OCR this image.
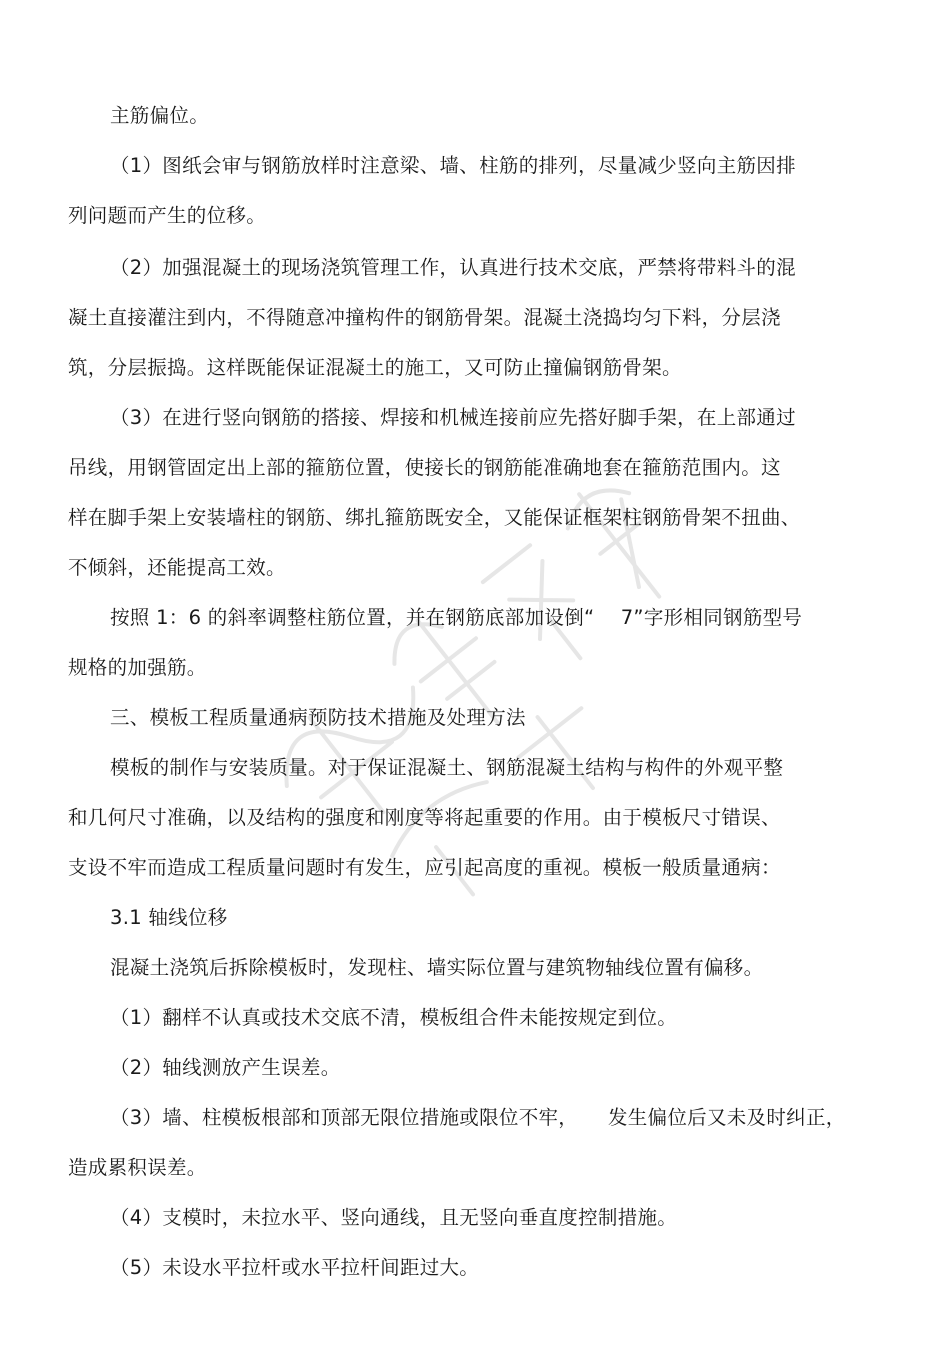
主筋偏位。
（1）图纸会审与钢筋放样时注意梁、墙、柱筋的排列，尽量减少竖向主筋因排
列问题而产生的位移。
（2）加强混凝土的现场浇筑管理工作，认真进行技术交底，严禁将带料斗的混
凝土直接灌注到内，不得随意冲撞构件的钢筋骨架。混凝土浇捣均匀下料，分层浇
筑，分层振捣。这样既能保证混凝土的施工，又可防止撞偏钢筋骨架。
（3）在进行竖向钢筋的搭接、焊接和机械连接前应先搭好脚手架，在上部通过
吊线，用钢管固定出上部的箍筋位置，使接长的钢筋能准确地套在箍筋范围内。这
样在脚手架上安装墙柱的钢筋、绑扎箍筋既安全，又能保证框架柱钢筋骨架不扭曲、
不倾斜，还能提高工效。
按照 1：6 的斜率调整柱筋位置，并在钢筋底部加设倒“　 7”字形相同钢筋型号
规格的加强筋。
三、模板工程质量通病预防技术措施及处理方法
模板的制作与安装质量。对于保证混凝土、钢筋混凝土结构与构件的外观平整
和几何尺寸准确，以及结构的强度和刚度等将起重要的作用。由于模板尺寸错误、
支设不牢而造成工程质量问题时有发生，应引起高度的重视。模板一般质量通病：
3.1 轴线位移
混凝土浇筑后拆除模板时，发现柱、墙实际位置与建筑物轴线位置有偏移。
（1）翻样不认真或技术交底不清，模板组合件未能按规定到位。
（2）轴线测放产生误差。
（3）墙、柱模板根部和顶部无限位措施或限位不牢，　　发生偏位后又未及时纠正，
造成累积误差。
（4）支模时，未拉水平、竖向通线，且无竖向垂直度控制措施。
（5）未设水平拉杆或水平拉杆间距过大。
